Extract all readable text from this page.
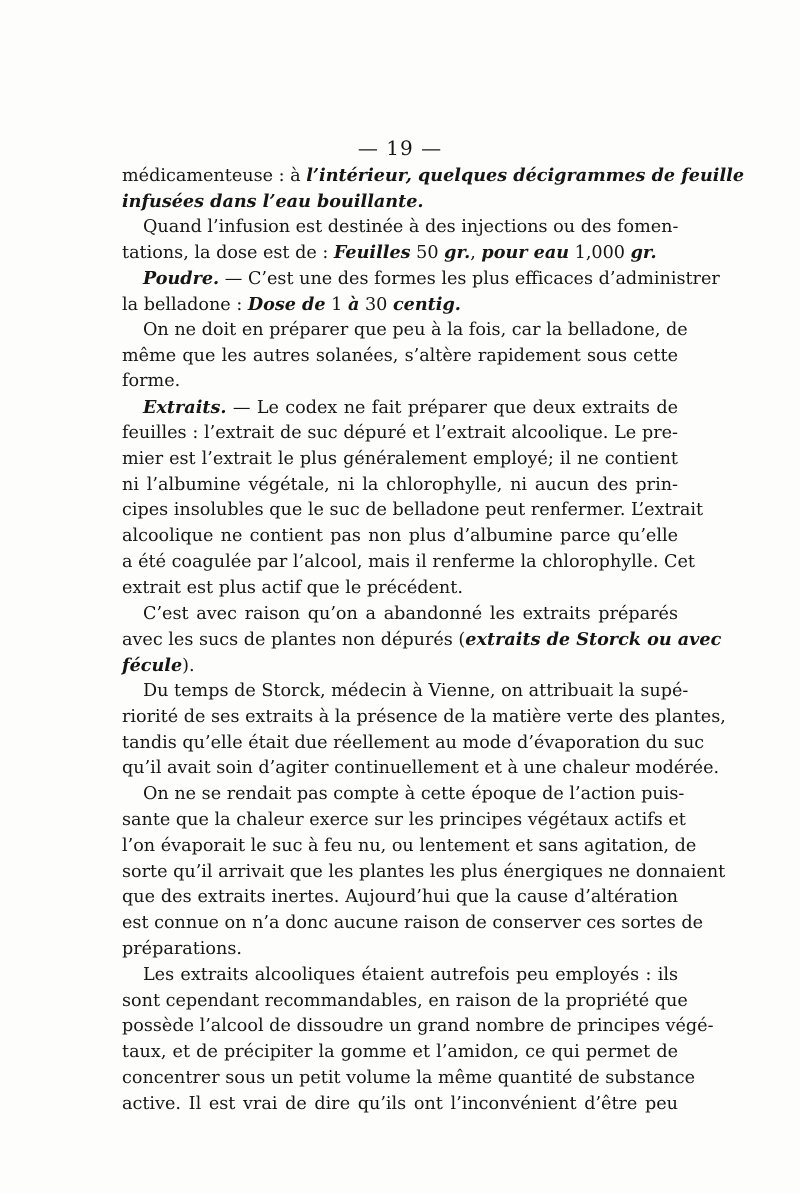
— 19 —
médicamenteuse : à l’intérieur, quelques décigrammes de feuille
infusées dans l’eau bouillante.
Quand l’infusion est destinée à des injections ou des fomen-
tations, la dose est de : Feuilles 50 gr., pour eau 1,000 gr.
Poudre. — C’est une des formes les plus efficaces d’administrer
la belladone : Dose de 1 à 30 centig.
On ne doit en préparer que peu à la fois, car la belladone, de
même que les autres solanées, s’altère rapidement sous cette
forme.
Extraits. — Le codex ne fait préparer que deux extraits de
feuilles : l’extrait de suc dépuré et l’extrait alcoolique. Le pre-
mier est l’extrait le plus généralement employé; il ne contient
ni l’albumine végétale, ni la chlorophylle, ni aucun des prin-
cipes insolubles que le suc de belladone peut renfermer. L’extrait
alcoolique ne contient pas non plus d’albumine parce qu’elle
a été coagulée par l’alcool, mais il renferme la chlorophylle. Cet
extrait est plus actif que le précédent.
C’est avec raison qu’on a abandonné les extraits préparés
avec les sucs de plantes non dépurés (extraits de Storck ou avec
fécule).
Du temps de Storck, médecin à Vienne, on attribuait la supé-
riorité de ses extraits à la présence de la matière verte des plantes,
tandis qu’elle était due réellement au mode d’évaporation du suc
qu’il avait soin d’agiter continuellement et à une chaleur modérée.
On ne se rendait pas compte à cette époque de l’action puis-
sante que la chaleur exerce sur les principes végétaux actifs et
l’on évaporait le suc à feu nu, ou lentement et sans agitation, de
sorte qu’il arrivait que les plantes les plus énergiques ne donnaient
que des extraits inertes. Aujourd’hui que la cause d’altération
est connue on n’a donc aucune raison de conserver ces sortes de
préparations.
Les extraits alcooliques étaient autrefois peu employés : ils
sont cependant recommandables, en raison de la propriété que
possède l’alcool de dissoudre un grand nombre de principes végé-
taux, et de précipiter la gomme et l’amidon, ce qui permet de
concentrer sous un petit volume la même quantité de substance
active. Il est vrai de dire qu’ils ont l’inconvénient d’être peu
